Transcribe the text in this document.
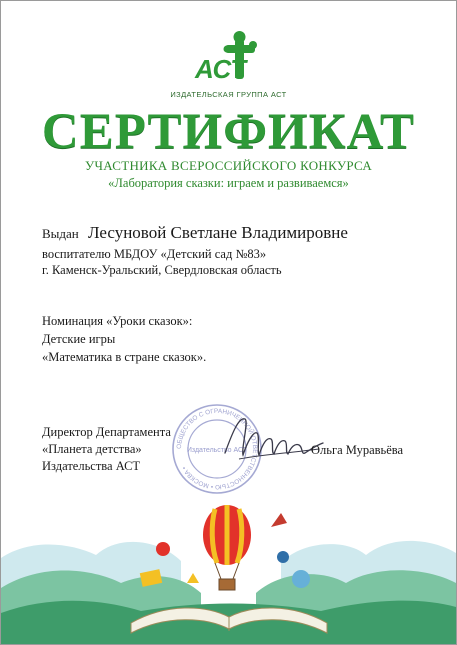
АСТ
ИЗДАТЕЛЬСКАЯ ГРУППА АСТ
СЕРТИФИКАТ
УЧАСТНИКА ВСЕРОССИЙСКОГО КОНКУРСА
«Лаборатория сказки: играем и развиваемся»
Выдан Лесуновой Светлане Владимировне
воспитателю МБДОУ «Детский сад №83»
г. Каменск-Уральский, Свердловская область
Номинация «Уроки сказок»:
Детские игры
«Математика в стране сказок».
Директор Департамента
«Планета детства»
Издательства АСТ
ОБЩЕСТВО С ОГРАНИЧЕННОЙ ОТВЕТСТВЕННОСТЬЮ • МОСКВА •
Издательство АСТ	Ольга Муравьёва
